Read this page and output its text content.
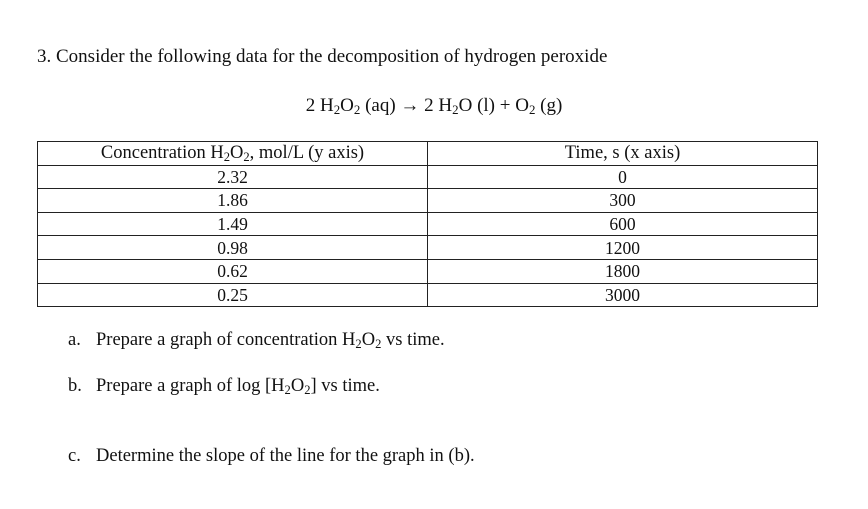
3. Consider the following data for the decomposition of hydrogen peroxide
2 $H_2O_2$ (aq) → 2 $H_2O$ $(l) + O_2$ (g)
Concentration $H_2O_2$, mol/L (y axis)	Time, s (x axis)
2.32	0
1.86	300
1.49	600
0.98	1200
0.62	1800
0.25	3000
a. Prepare a graph of concentration $H_2O_2$ vs time.
b. Prepare a graph of $\log [H_2O_2]$ vs time.
c. Determine the slope of the line for the graph in (b).
